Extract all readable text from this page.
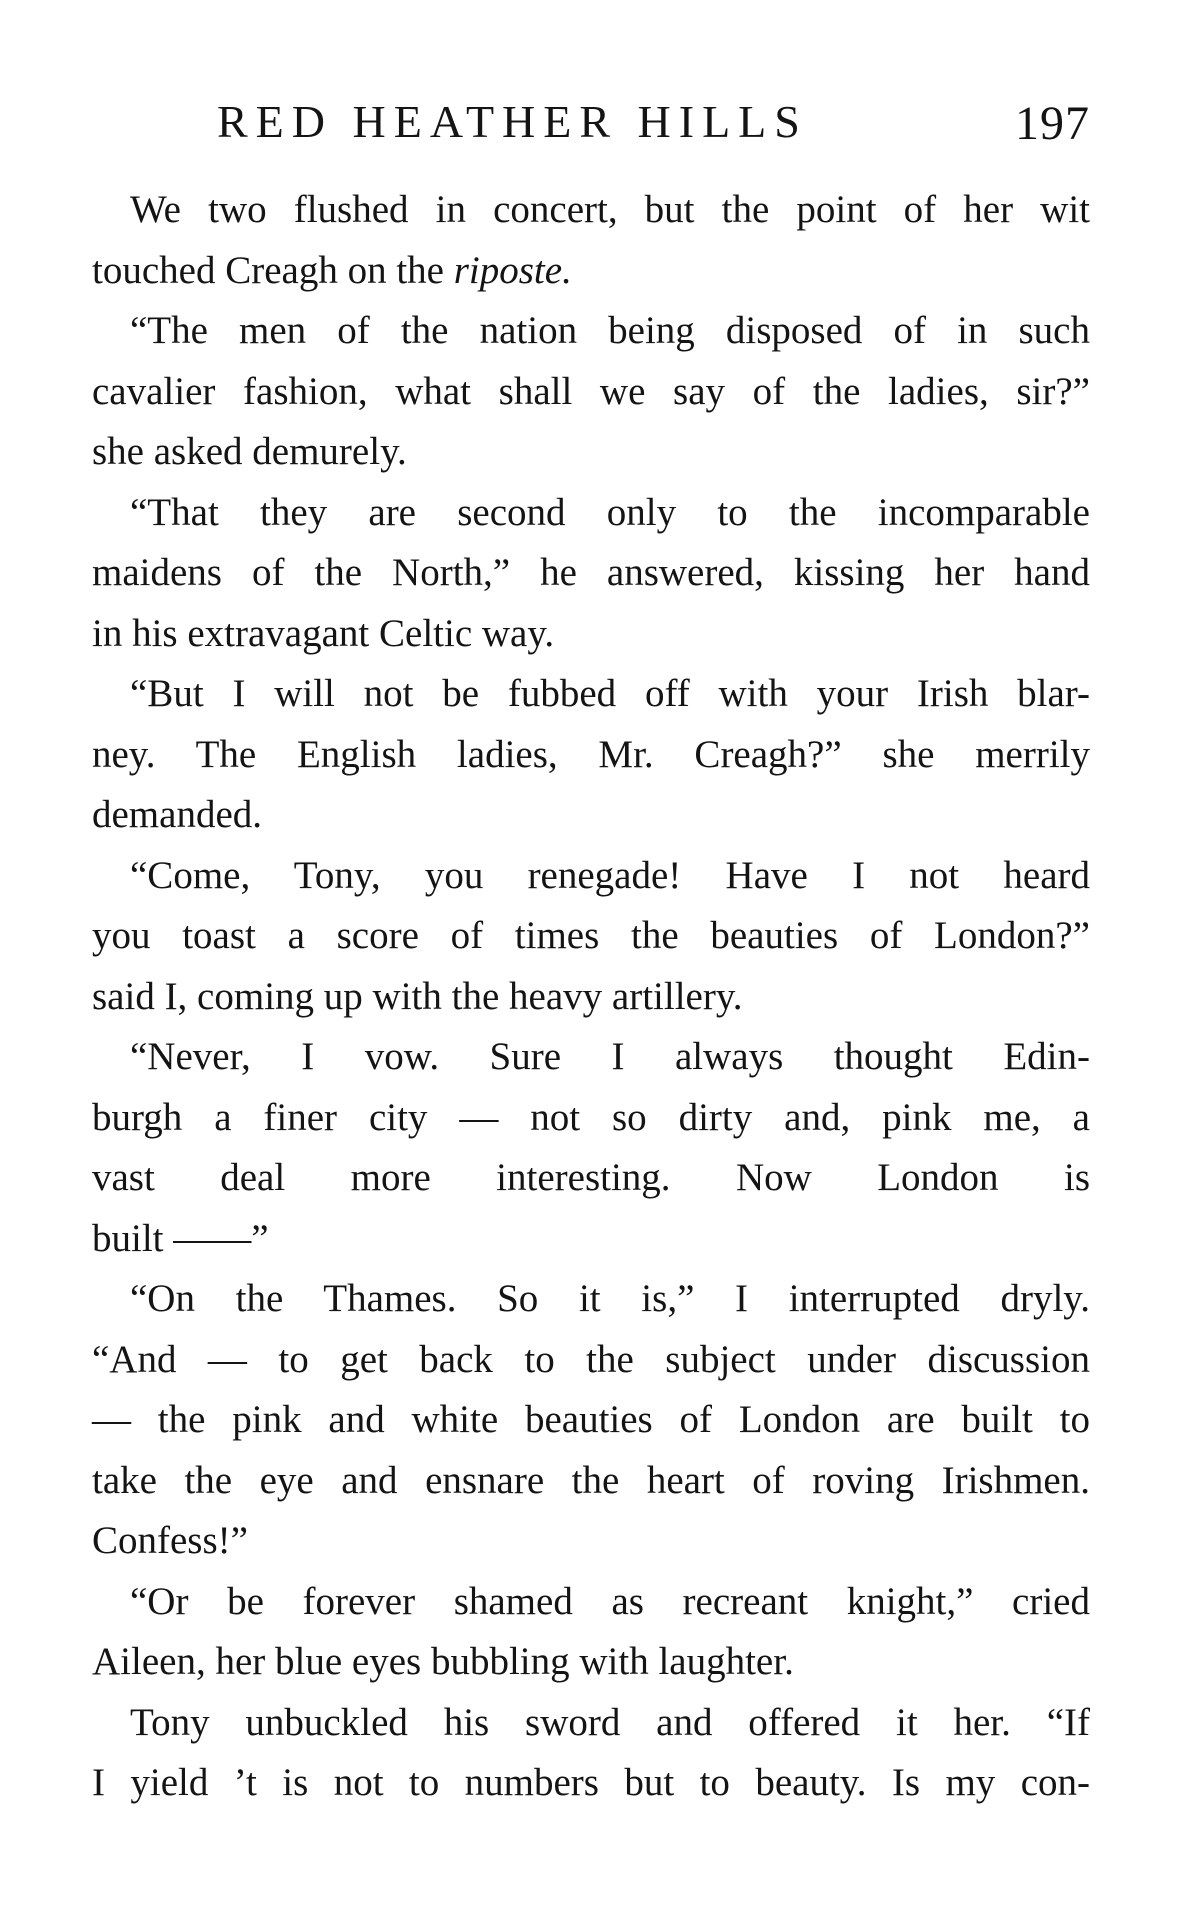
RED HEATHER HILLS	197

We two flushed in concert, but the point of her wit
touched Creagh on the riposte.

“The men of the nation being disposed of in such
cavalier fashion, what shall we say of the ladies, sir?”
she asked demurely.

“That they are second only to the incomparable
maidens of the North,” he answered, kissing her hand
in his extravagant Celtic way.

“But I will not be fubbed off with your Irish blar-
ney. The English ladies, Mr. Creagh?” she merrily
demanded.

“Come, Tony, you renegade! Have I not heard
you toast a score of times the beauties of London?”
said I, coming up with the heavy artillery.

“Never, I vow. Sure I always thought Edin-
burgh a finer city — not so dirty and, pink me, a
vast deal more interesting. Now London is
built ——”

“On the Thames. So it is,” I interrupted dryly.
“And — to get back to the subject under discussion
— the pink and white beauties of London are built to
take the eye and ensnare the heart of roving Irishmen.
Confess!”

“Or be forever shamed as recreant knight,” cried
Aileen, her blue eyes bubbling with laughter.

Tony unbuckled his sword and offered it her. “If
I yield ’t is not to numbers but to beauty. Is my con-
